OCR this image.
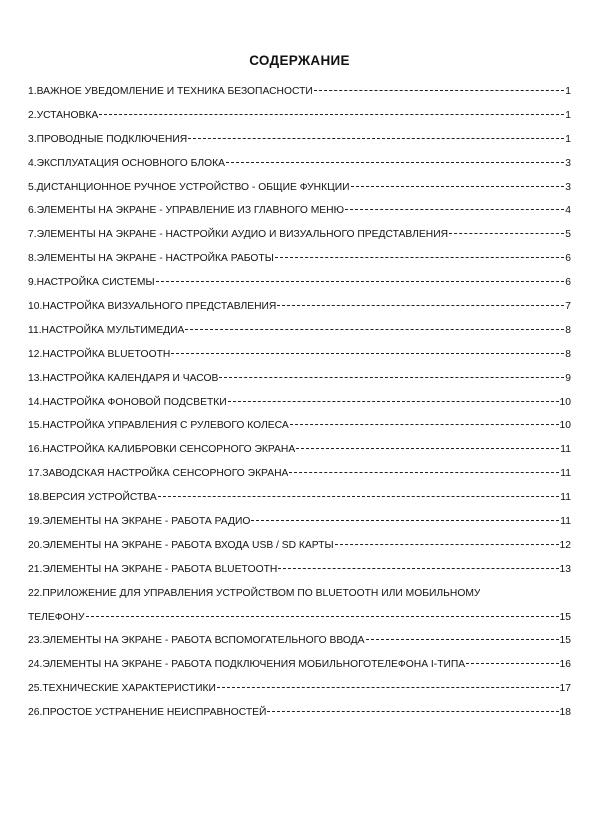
СОДЕРЖАНИЕ
1.ВАЖНОЕ УВЕДОМЛЕНИЕ И ТЕХНИКА БЕЗОПАСНОСТИ	1
2.УСТАНОВКА	1
3.ПРОВОДНЫЕ ПОДКЛЮЧЕНИЯ	1
4.ЭКСПЛУАТАЦИЯ ОСНОВНОГО БЛОКА	3
5.ДИСТАНЦИОННОЕ РУЧНОЕ УСТРОЙСТВО - ОБЩИЕ ФУНКЦИИ	3
6.ЭЛЕМЕНТЫ НА ЭКРАНЕ - УПРАВЛЕНИЕ ИЗ ГЛАВНОГО МЕНЮ	4
7.ЭЛЕМЕНТЫ НА ЭКРАНЕ - НАСТРОЙКИ АУДИО И ВИЗУАЛЬНОГО ПРЕДСТАВЛЕНИЯ	5
8.ЭЛЕМЕНТЫ НА ЭКРАНЕ - НАСТРОЙКА РАБОТЫ	6
9.НАСТРОЙКА СИСТЕМЫ	6
10.НАСТРОЙКА ВИЗУАЛЬНОГО ПРЕДСТАВЛЕНИЯ	7
11.НАСТРОЙКА МУЛЬТИМЕДИА	8
12.НАСТРОЙКА BLUETOOTH	8
13.НАСТРОЙКА КАЛЕНДАРЯ И ЧАСОВ	9
14.НАСТРОЙКА ФОНОВОЙ ПОДСВЕТКИ	10
15.НАСТРОЙКА УПРАВЛЕНИЯ С РУЛЕВОГО КОЛЕСА	10
16.НАСТРОЙКА КАЛИБРОВКИ СЕНСОРНОГО ЭКРАНА	11
17.ЗАВОДСКАЯ НАСТРОЙКА СЕНСОРНОГО ЭКРАНА	11
18.ВЕРСИЯ УСТРОЙСТВА	11
19.ЭЛЕМЕНТЫ НА ЭКРАНЕ - РАБОТА РАДИО	11
20.ЭЛЕМЕНТЫ НА ЭКРАНЕ - РАБОТА ВХОДА USB / SD КАРТЫ	12
21.ЭЛЕМЕНТЫ НА ЭКРАНЕ - РАБОТА BLUETOOTH	13
22.ПРИЛОЖЕНИЕ ДЛЯ УПРАВЛЕНИЯ УСТРОЙСТВОМ ПО BLUETOOTH ИЛИ МОБИЛЬНОМУ
ТЕЛЕФОНУ	15
23.ЭЛЕМЕНТЫ НА ЭКРАНЕ - РАБОТА ВСПОМОГАТЕЛЬНОГО ВВОДА	15
24.ЭЛЕМЕНТЫ НА ЭКРАНЕ - РАБОТА ПОДКЛЮЧЕНИЯ МОБИЛЬНОГОТЕЛЕФОНА I-ТИПА	16
25.ТЕХНИЧЕСКИЕ ХАРАКТЕРИСТИКИ	17
26.ПРОСТОЕ УСТРАНЕНИЕ НЕИСПРАВНОСТЕЙ	18
